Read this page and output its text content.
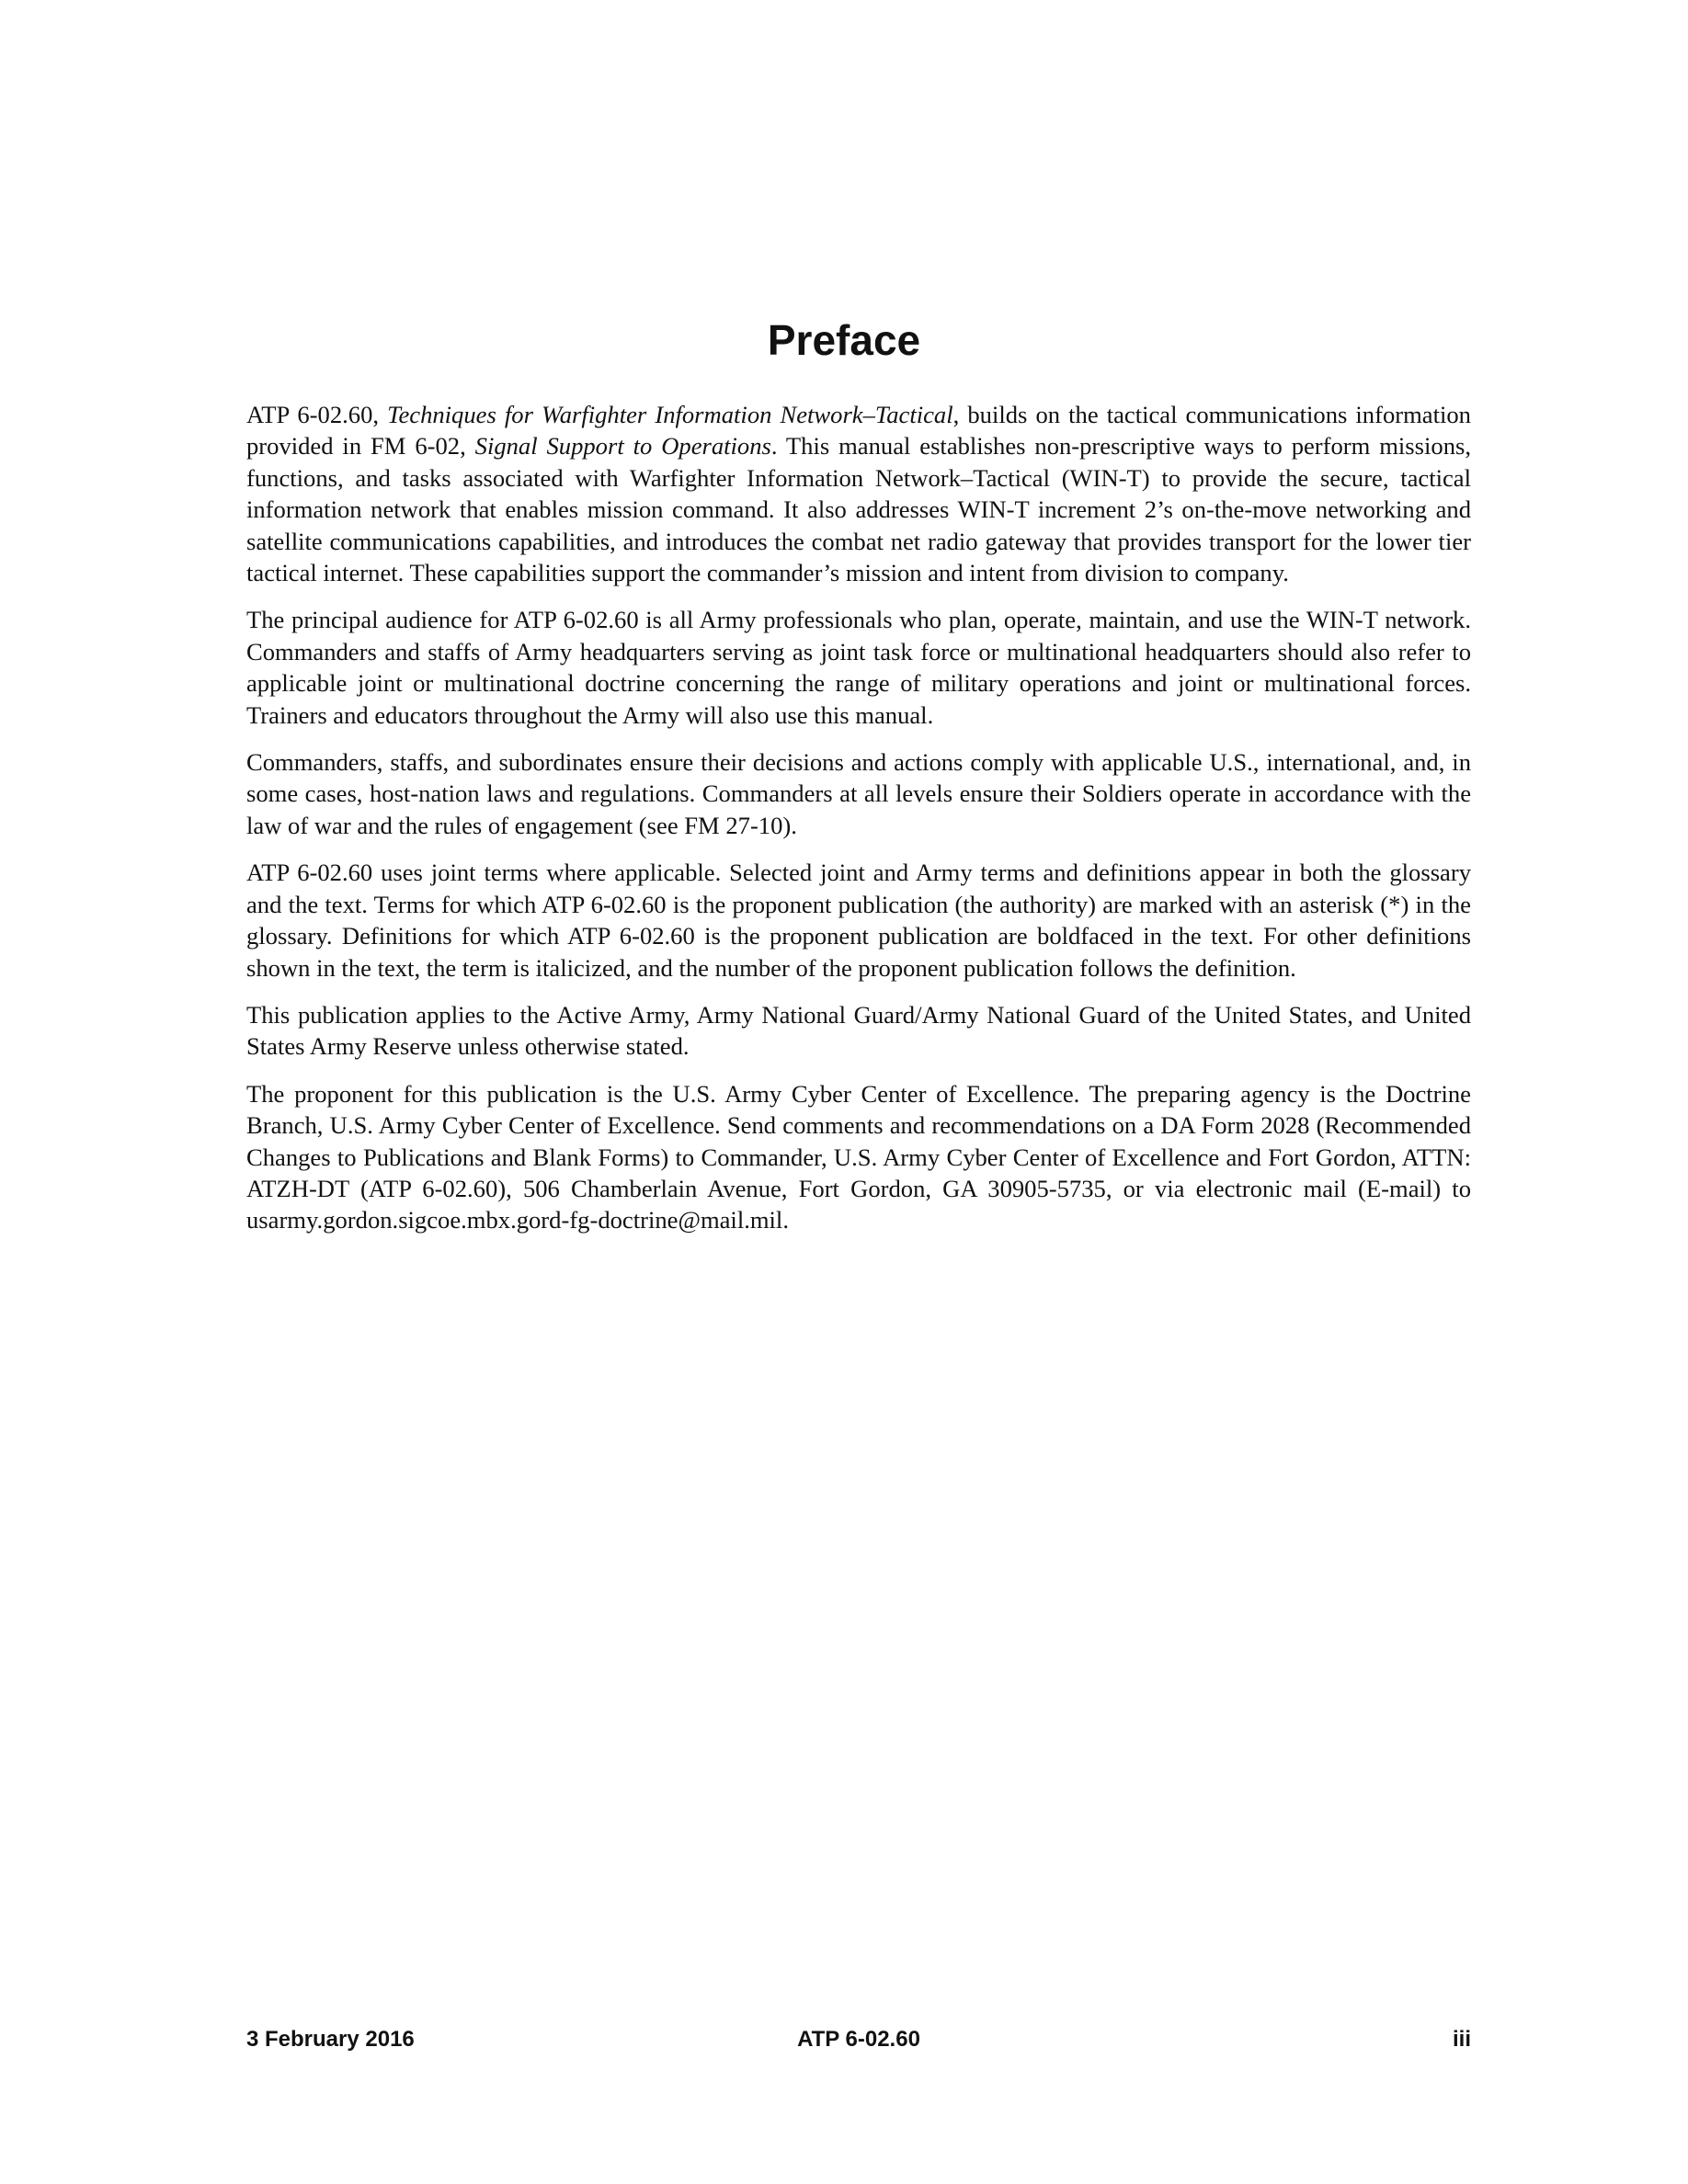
Preface

ATP 6-02.60, Techniques for Warfighter Information Network–Tactical, builds on the tactical communications information provided in FM 6-02, Signal Support to Operations. This manual establishes non-prescriptive ways to perform missions, functions, and tasks associated with Warfighter Information Network–Tactical (WIN-T) to provide the secure, tactical information network that enables mission command. It also addresses WIN-T increment 2’s on-the-move networking and satellite communications capabilities, and introduces the combat net radio gateway that provides transport for the lower tier tactical internet. These capabilities support the commander’s mission and intent from division to company.

The principal audience for ATP 6-02.60 is all Army professionals who plan, operate, maintain, and use the WIN-T network. Commanders and staffs of Army headquarters serving as joint task force or multinational headquarters should also refer to applicable joint or multinational doctrine concerning the range of military operations and joint or multinational forces. Trainers and educators throughout the Army will also use this manual.

Commanders, staffs, and subordinates ensure their decisions and actions comply with applicable U.S., international, and, in some cases, host-nation laws and regulations. Commanders at all levels ensure their Soldiers operate in accordance with the law of war and the rules of engagement (see FM 27-10).

ATP 6-02.60 uses joint terms where applicable. Selected joint and Army terms and definitions appear in both the glossary and the text. Terms for which ATP 6-02.60 is the proponent publication (the authority) are marked with an asterisk (*) in the glossary. Definitions for which ATP 6-02.60 is the proponent publication are boldfaced in the text. For other definitions shown in the text, the term is italicized, and the number of the proponent publication follows the definition.

This publication applies to the Active Army, Army National Guard/Army National Guard of the United States, and United States Army Reserve unless otherwise stated.

The proponent for this publication is the U.S. Army Cyber Center of Excellence. The preparing agency is the Doctrine Branch, U.S. Army Cyber Center of Excellence. Send comments and recommendations on a DA Form 2028 (Recommended Changes to Publications and Blank Forms) to Commander, U.S. Army Cyber Center of Excellence and Fort Gordon, ATTN: ATZH-DT (ATP 6-02.60), 506 Chamberlain Avenue, Fort Gordon, GA 30905-5735, or via electronic mail (E-mail) to usarmy.gordon.sigcoe.mbx.gord-fg-doctrine@mail.mil.

3 February 2016	ATP 6-02.60	iii
